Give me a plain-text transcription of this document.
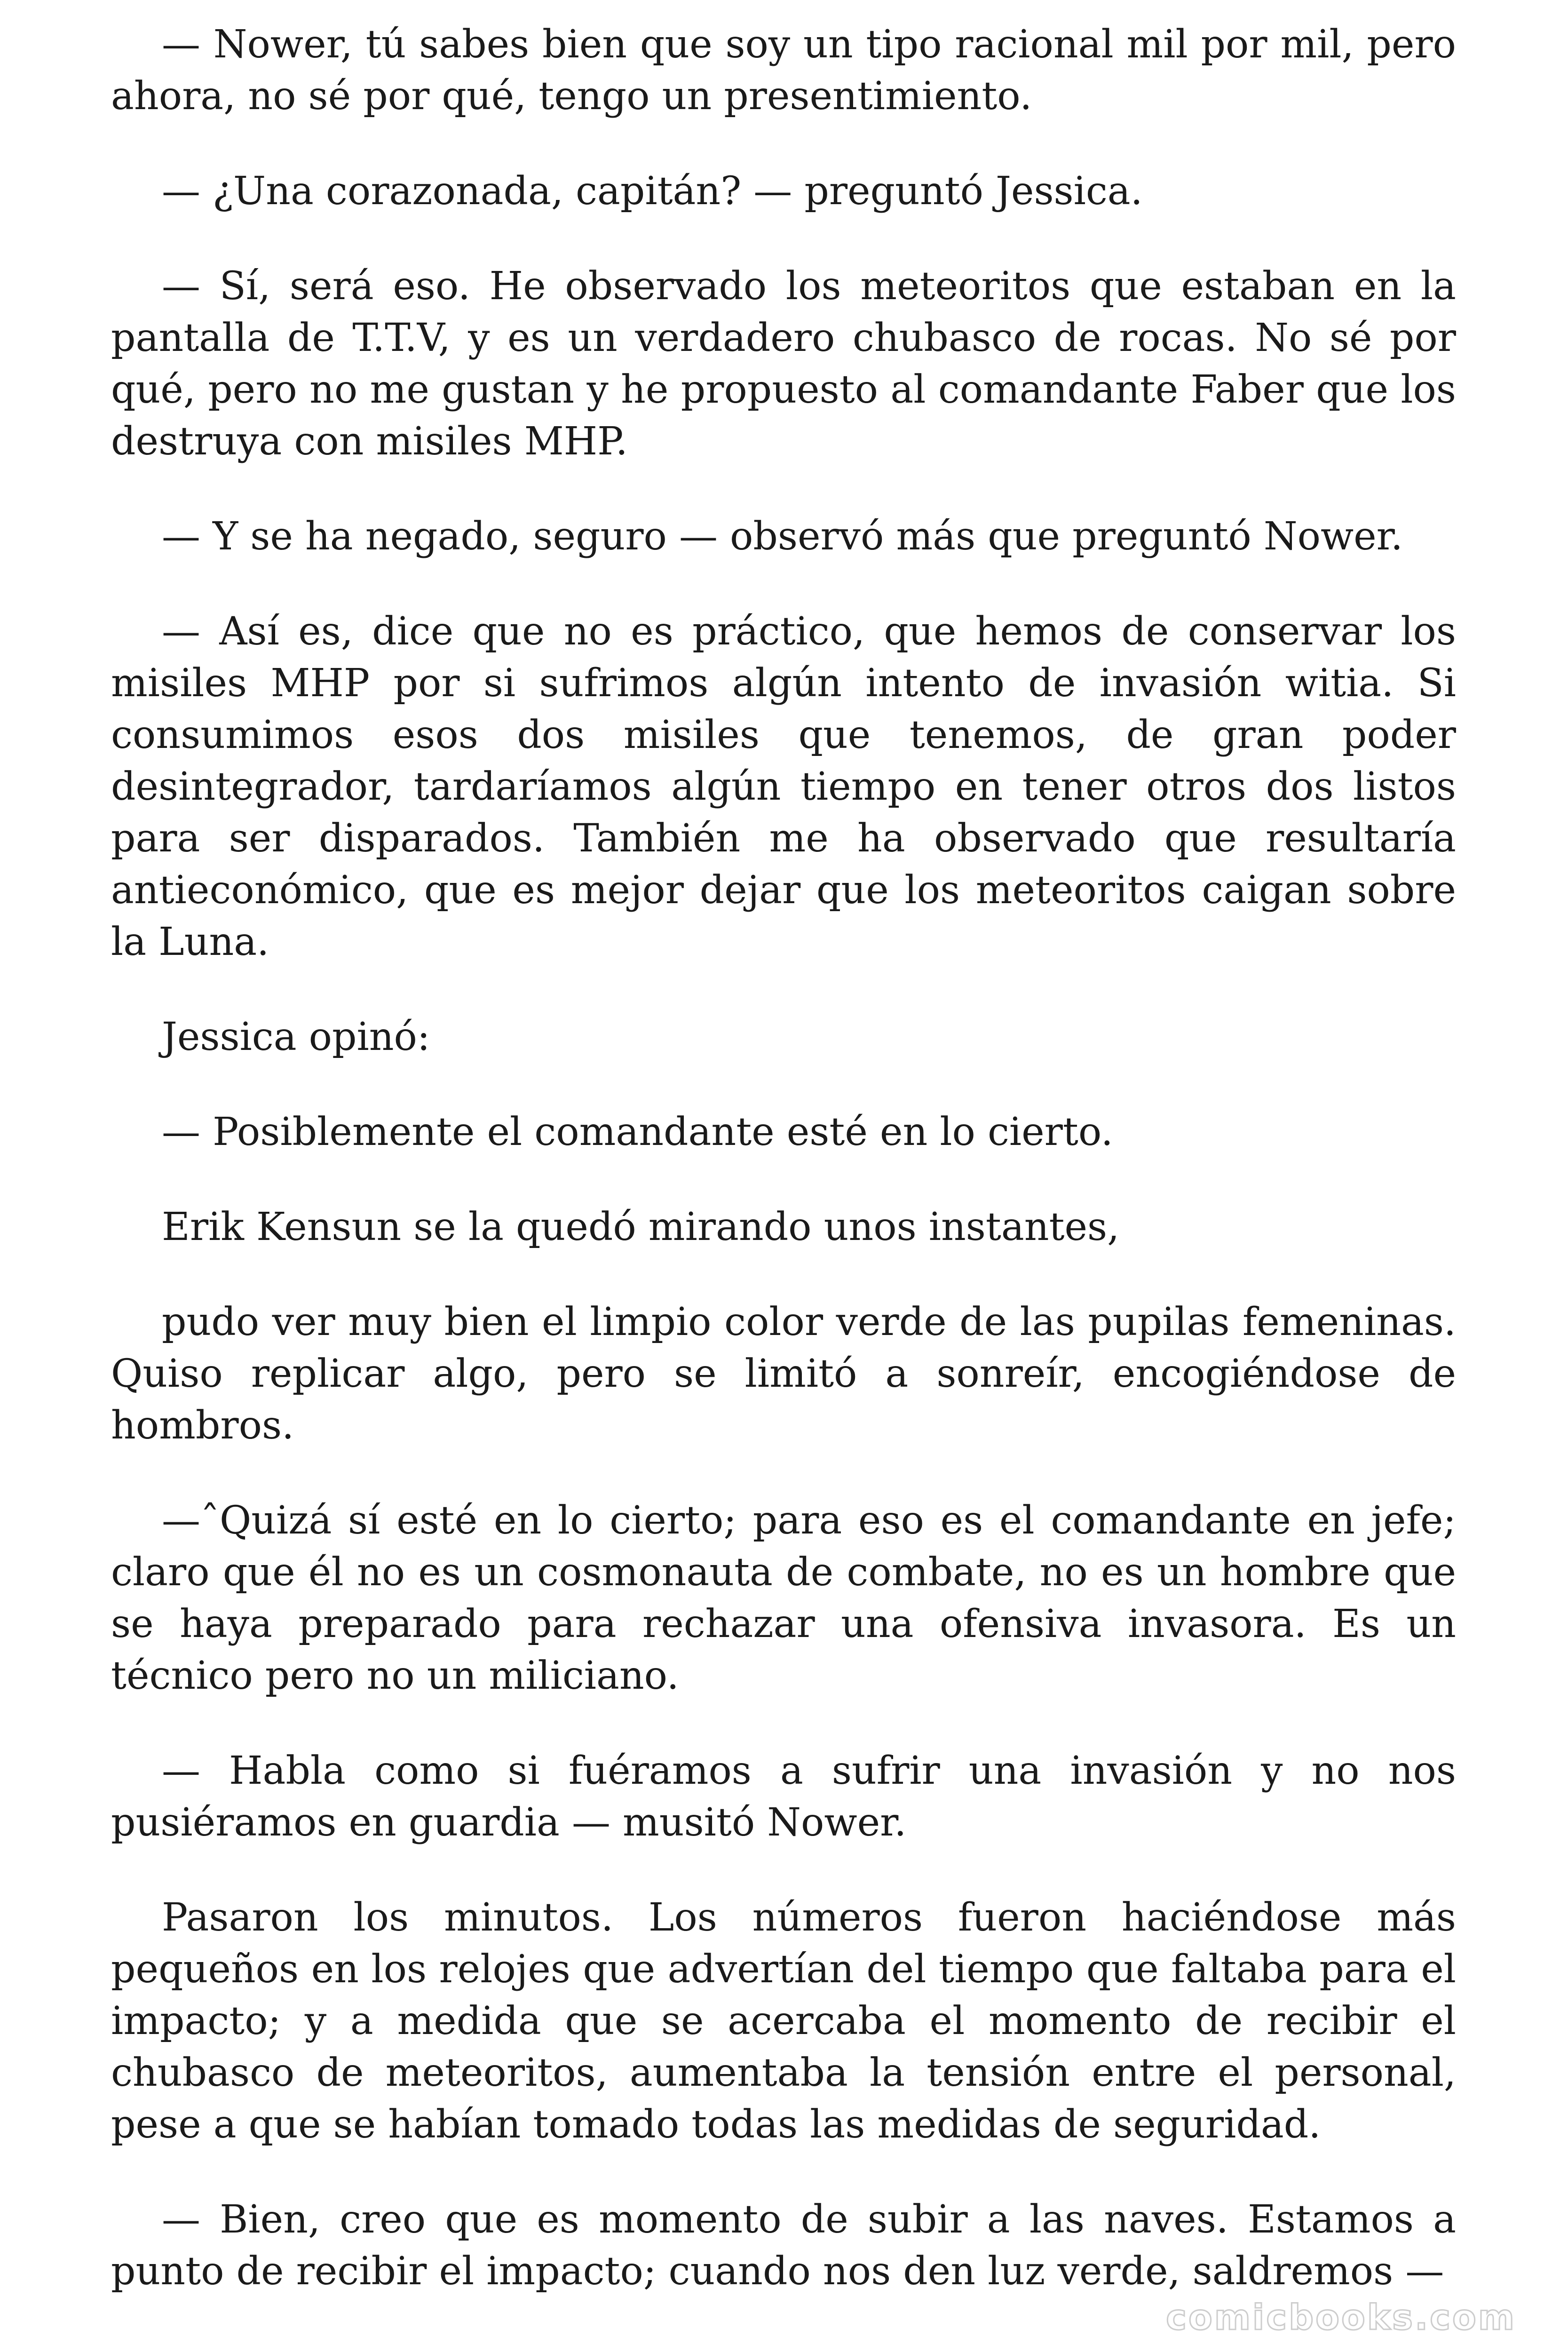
— Nower, tú sabes bien que soy un tipo racional mil por mil, pero ahora, no sé por qué, tengo un presentimiento.

— ¿Una corazonada, capitán? — preguntó Jessica.

— Sí, será eso. He observado los meteoritos que estaban en la pantalla de T.T.V, y es un verdadero chubasco de rocas. No sé por qué, pero no me gustan y he propuesto al comandante Faber que los destruya con misiles MHP.

— Y se ha negado, seguro — observó más que preguntó Nower.

— Así es, dice que no es práctico, que hemos de conservar los misiles MHP por si sufrimos algún intento de invasión witia. Si consumimos esos dos misiles que tenemos, de gran poder desintegrador, tardaríamos algún tiempo en tener otros dos listos para ser disparados. También me ha observado que resultaría antieconómico, que es mejor dejar que los meteoritos caigan sobre la Luna.

Jessica opinó:

— Posiblemente el comandante esté en lo cierto.

Erik Kensun se la quedó mirando unos instantes,

pudo ver muy bien el limpio color verde de las pupilas femeninas. Quiso replicar algo, pero se limitó a sonreír, encogiéndose de hombros.

—ˆQuizá sí esté en lo cierto; para eso es el comandante en jefe; claro que él no es un cosmonauta de combate, no es un hombre que se haya preparado para rechazar una ofensiva invasora. Es un técnico pero no un miliciano.

— Habla como si fuéramos a sufrir una invasión y no nos pusiéramos en guardia — musitó Nower.

Pasaron los minutos. Los números fueron haciéndose más pequeños en los relojes que advertían del tiempo que faltaba para el impacto; y a medida que se acercaba el momento de recibir el chubasco de meteoritos, aumentaba la tensión entre el personal, pese a que se habían tomado todas las medidas de seguridad.

— Bien, creo que es momento de subir a las naves. Estamos a punto de recibir el impacto; cuando nos den luz verde, saldremos —

comicbooks.com
